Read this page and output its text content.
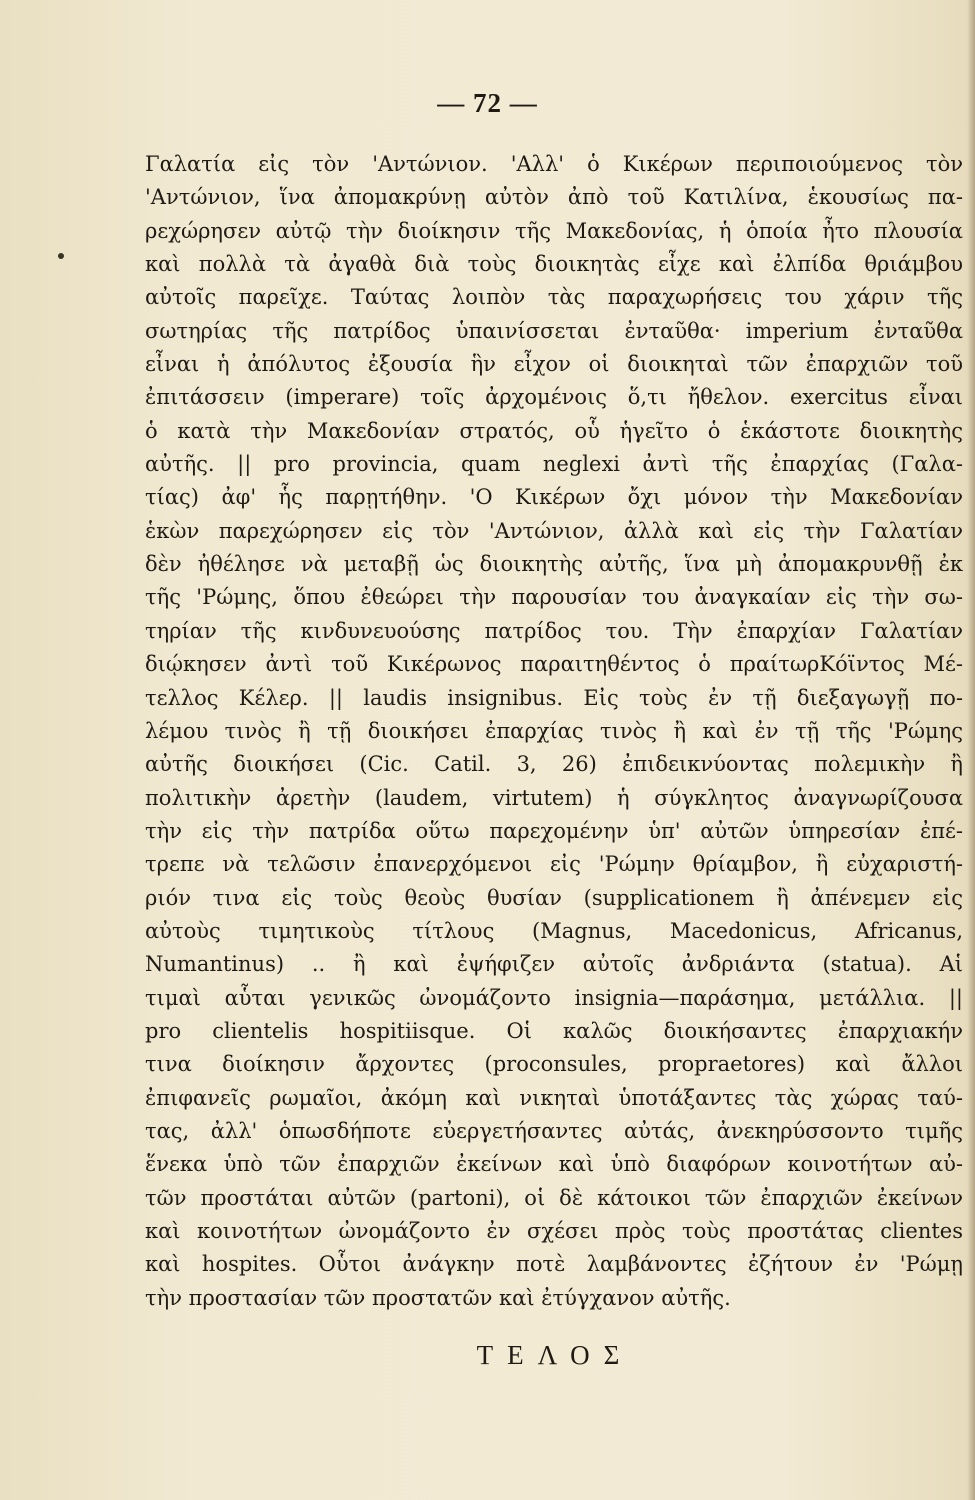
— 72 —
Γαλατία εἰς τὸν 'Αντώνιον. 'Αλλ' ὁ Κικέρων περιποιούμενος τὸν
'Αντώνιον, ἵνα ἀπομακρύνῃ αὐτὸν ἀπὸ τοῦ Κατιλίνα, ἑκουσίως πα-
ρεχώρησεν αὐτῷ τὴν διοίκησιν τῆς Μακεδονίας, ἡ ὁποία ἦτο πλουσία
καὶ πολλὰ τὰ ἀγαθὰ διὰ τοὺς διοικητὰς εἶχε καὶ ἐλπίδα θριάμβου
αὐτοῖς παρεῖχε. Ταύτας λοιπὸν τὰς παραχωρήσεις του χάριν τῆς
σωτηρίας τῆς πατρίδος ὑπαινίσσεται ἐνταῦθα· imperium ἐνταῦθα
εἶναι ἡ ἀπόλυτος ἐξουσία ἣν εἶχον οἱ διοικηταὶ τῶν ἐπαρχιῶν τοῦ
ἐπιτάσσειν (imperare) τοῖς ἀρχομένοις ὅ,τι ἤθελον. exercitus εἶναι
ὁ κατὰ τὴν Μακεδονίαν στρατός, οὗ ἡγεῖτο ὁ ἑκάστοτε διοικητὴς
αὐτῆς. || pro provincia, quam neglexi ἀντὶ τῆς ἐπαρχίας (Γαλα-
τίας) ἀφ' ἧς παρῃτήθην. 'Ο Κικέρων ὄχι μόνον τὴν Μακεδονίαν
ἑκὼν παρεχώρησεν εἰς τὸν 'Αντώνιον, ἀλλὰ καὶ εἰς τὴν Γαλατίαν
δὲν ἠθέλησε νὰ μεταβῇ ὡς διοικητὴς αὐτῆς, ἵνα μὴ ἀπομακρυνθῇ ἐκ
τῆς 'Ρώμης, ὅπου ἐθεώρει τὴν παρουσίαν του ἀναγκαίαν εἰς τὴν σω-
τηρίαν τῆς κινδυνευούσης πατρίδος του. Τὴν ἐπαρχίαν Γαλατίαν
διῴκησεν ἀντὶ τοῦ Κικέρωνος παραιτηθέντος ὁ πραίτωρΚόϊντος Μέ-
τελλος Κέλερ. || laudis insignibus. Εἰς τοὺς ἐν τῇ διεξαγωγῇ πο-
λέμου τινὸς ἢ τῇ διοικήσει ἐπαρχίας τινὸς ἢ καὶ ἐν τῇ τῆς 'Ρώμης
αὐτῆς διοικήσει (Cic. Catil. 3, 26) ἐπιδεικνύοντας πολεμικὴν ἢ
πολιτικὴν ἀρετὴν (laudem, virtutem) ἡ σύγκλητος ἀναγνωρίζουσα
τὴν εἰς τὴν πατρίδα οὕτω παρεχομένην ὑπ' αὐτῶν ὑπηρεσίαν ἐπέ-
τρεπε νὰ τελῶσιν ἐπανερχόμενοι εἰς 'Ρώμην θρίαμβον, ἢ εὐχαριστή-
ριόν τινα εἰς τοὺς θεοὺς θυσίαν (supplicationem ἢ ἀπένεμεν εἰς
αὐτοὺς τιμητικοὺς τίτλους (Magnus, Macedonicus, Africanus,
Numantinus) .. ἢ καὶ ἐψήφιζεν αὐτοῖς ἀνδριάντα (statua). Αἱ
τιμαὶ αὗται γενικῶς ὠνομάζοντο insignia—παράσημα, μετάλλια. ||
pro clientelis hospitiisque. Οἱ καλῶς διοικήσαντες ἐπαρχιακήν
τινα διοίκησιν ἄρχοντες (proconsules, propraetores) καὶ ἄλλοι
ἐπιφανεῖς ρωμαῖοι, ἀκόμη καὶ νικηταὶ ὑποτάξαντες τὰς χώρας ταύ-
τας, ἀλλ' ὁπωσδήποτε εὐεργετήσαντες αὐτάς, ἀνεκηρύσσοντο τιμῆς
ἕνεκα ὑπὸ τῶν ἐπαρχιῶν ἐκείνων καὶ ὑπὸ διαφόρων κοινοτήτων αὐ-
τῶν προστάται αὐτῶν (partoni), οἱ δὲ κάτοικοι τῶν ἐπαρχιῶν ἐκείνων
καὶ κοινοτήτων ὠνομάζοντο ἐν σχέσει πρὸς τοὺς προστάτας clientes
καὶ hospites. Οὗτοι ἀνάγκην ποτὲ λαμβάνοντες ἐζήτουν ἐν 'Ρώμῃ
τὴν προστασίαν τῶν προστατῶν καὶ ἐτύγχανον αὐτῆς.
ΤΕΛΟΣ
